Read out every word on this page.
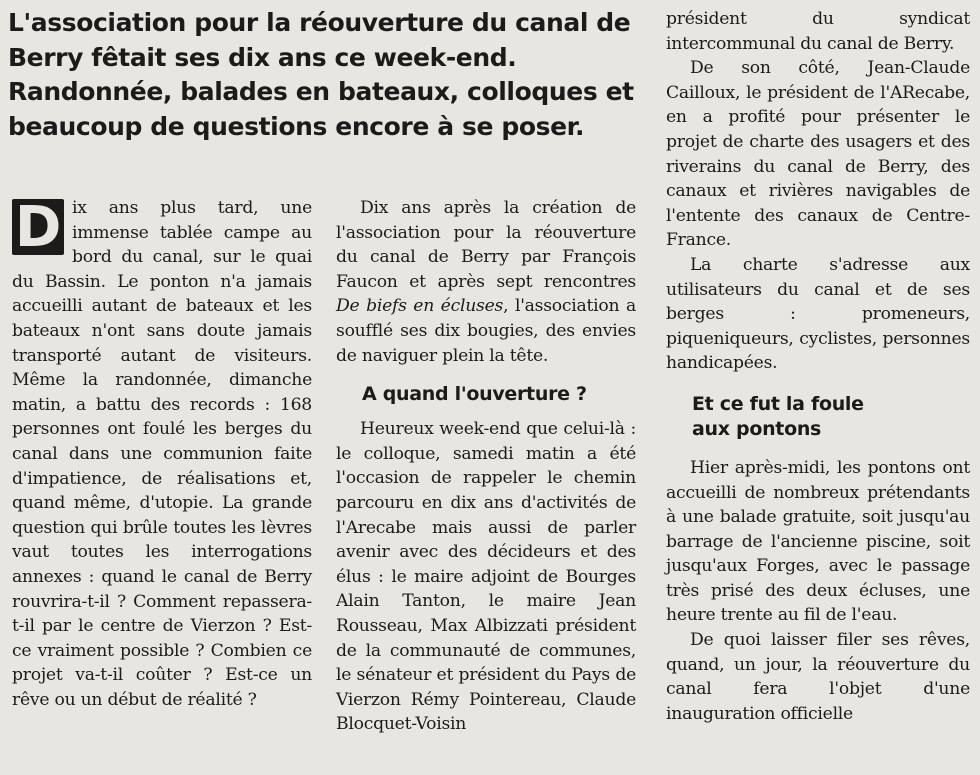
L'association pour la réouverture du canal de Berry fêtait ses dix ans ce week-end. Randonnée, balades en bateaux, colloques et beaucoup de questions encore à se poser.

D ix ans plus tard, une immense tablée campe au bord du canal, sur le quai du Bassin. Le ponton n'a jamais accueilli autant de bateaux et les bateaux n'ont sans doute jamais transporté autant de visiteurs. Même la randonnée, dimanche matin, a battu des records : 168 personnes ont foulé les berges du canal dans une communion faite d'impatience, de réalisations et, quand même, d'utopie. La grande question qui brûle toutes les lèvres vaut toutes les interrogations annexes : quand le canal de Berry rouvrira-t-il ? Comment repassera-t-il par le centre de Vierzon ? Est-ce vraiment possible ? Combien ce projet va-t-il coûter ? Est-ce un rêve ou un début de réalité ?

Dix ans après la création de l'association pour la réouverture du canal de Berry par François Faucon et après sept rencontres De biefs en écluses, l'association a soufflé ses dix bougies, des envies de naviguer plein la tête.

A quand l'ouverture ?

Heureux week-end que celui-là : le colloque, samedi matin a été l'occasion de rappeler le chemin parcouru en dix ans d'activités de l'Arecabe mais aussi de parler avenir avec des décideurs et des élus : le maire adjoint de Bourges Alain Tanton, le maire Jean Rousseau, Max Albizzati président de la communauté de communes, le sénateur et président du Pays de Vierzon Rémy Pointereau, Claude Blocquet-Voisin

président du syndicat intercommunal du canal de Berry.

De son côté, Jean-Claude Cailloux, le président de l'ARecabe, en a profité pour présenter le projet de charte des usagers et des riverains du canal de Berry, des canaux et rivières navigables de l'entente des canaux de Centre-France.

La charte s'adresse aux utilisateurs du canal et de ses berges : promeneurs, piqueniqueurs, cyclistes, personnes handicapées.

Et ce fut la foule
aux pontons

Hier après-midi, les pontons ont accueilli de nombreux prétendants à une balade gratuite, soit jusqu'au barrage de l'ancienne piscine, soit jusqu'aux Forges, avec le passage très prisé des deux écluses, une heure trente au fil de l'eau.

De quoi laisser filer ses rêves, quand, un jour, la réouverture du canal fera l'objet d'une inauguration officielle
